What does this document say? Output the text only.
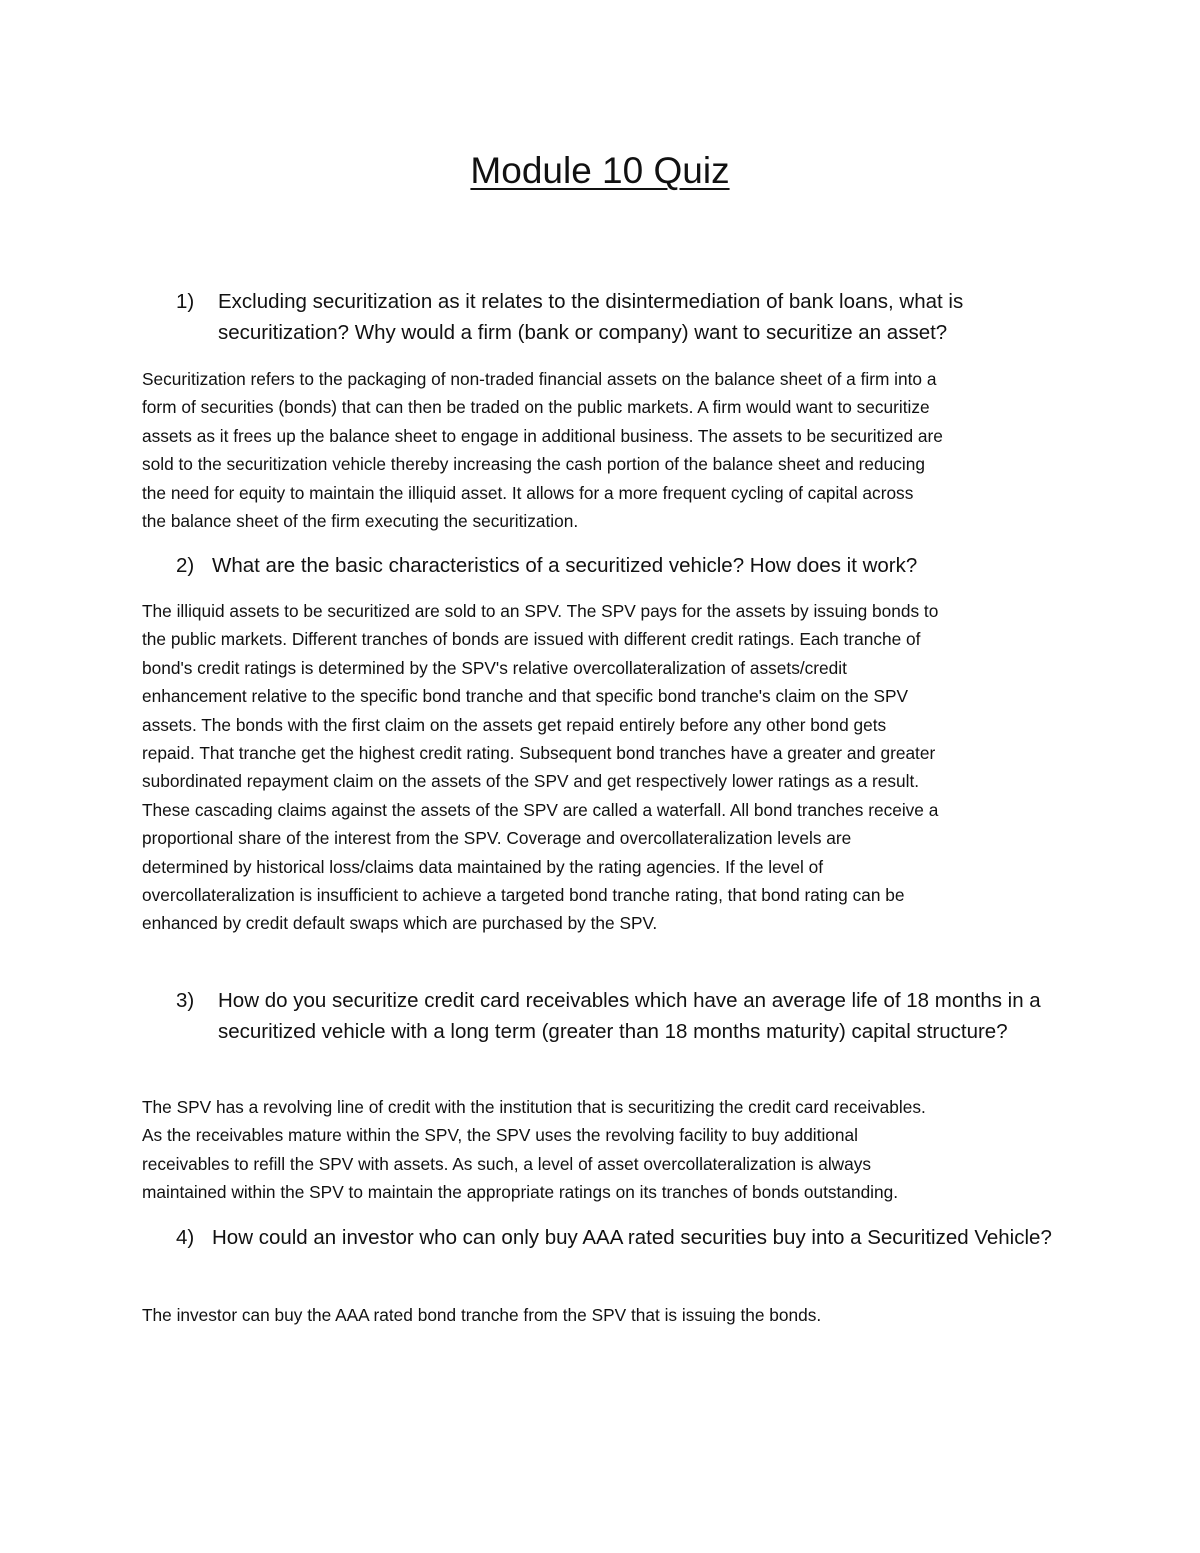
Module 10 Quiz
1)	Excluding securitization as it relates to the disintermediation of bank loans, what is securitization? Why would a firm (bank or company) want to securitize an asset?

Securitization refers to the packaging of non-traded financial assets on the balance sheet of a firm into a
form of securities (bonds) that can then be traded on the public markets. A firm would want to securitize
assets as it frees up the balance sheet to engage in additional business. The assets to be securitized are
sold to the securitization vehicle thereby increasing the cash portion of the balance sheet and reducing
the need for equity to maintain the illiquid asset. It allows for a more frequent cycling of capital across
the balance sheet of the firm executing the securitization.

2) What are the basic characteristics of a securitized vehicle? How does it work?

The illiquid assets to be securitized are sold to an SPV. The SPV pays for the assets by issuing bonds to
the public markets. Different tranches of bonds are issued with different credit ratings. Each tranche of
bond's credit ratings is determined by the SPV's relative overcollateralization of assets/credit
enhancement relative to the specific bond tranche and that specific bond tranche's claim on the SPV
assets. The bonds with the first claim on the assets get repaid entirely before any other bond gets
repaid. That tranche get the highest credit rating. Subsequent bond tranches have a greater and greater
subordinated repayment claim on the assets of the SPV and get respectively lower ratings as a result.
These cascading claims against the assets of the SPV are called a waterfall. All bond tranches receive a
proportional share of the interest from the SPV. Coverage and overcollateralization levels are
determined by historical loss/claims data maintained by the rating agencies. If the level of
overcollateralization is insufficient to achieve a targeted bond tranche rating, that bond rating can be
enhanced by credit default swaps which are purchased by the SPV.

3)	How do you securitize credit card receivables which have an average life of 18 months in a securitized vehicle with a long term (greater than 18 months maturity) capital structure?

The SPV has a revolving line of credit with the institution that is securitizing the credit card receivables.
As the receivables mature within the SPV, the SPV uses the revolving facility to buy additional
receivables to refill the SPV with assets. As such, a level of asset overcollateralization is always
maintained within the SPV to maintain the appropriate ratings on its tranches of bonds outstanding.

4) How could an investor who can only buy AAA rated securities buy into a Securitized Vehicle?

The investor can buy the AAA rated bond tranche from the SPV that is issuing the bonds.
